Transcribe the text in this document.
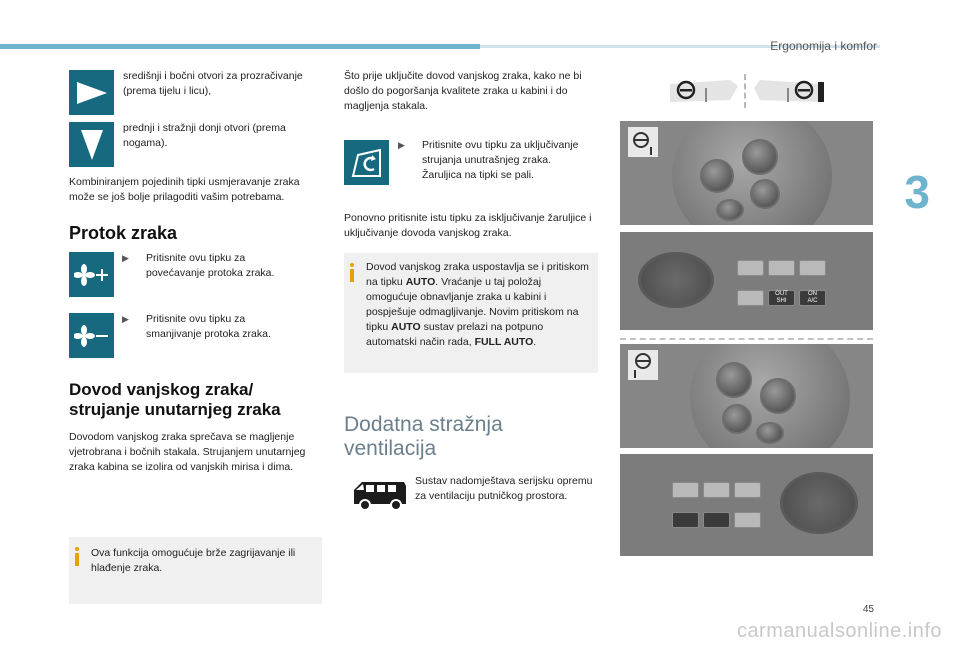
Ergonomija i komfor
3
središnji i bočni otvori za prozračivanje (prema tijelu i licu),
prednji i stražnji donji otvori (prema nogama).
Kombiniranjem pojedinih tipki usmjeravanje zraka može se još bolje prilagoditi vašim potrebama.
Protok zraka
▶ Pritisnite ovu tipku za povećavanje protoka zraka.
▶ Pritisnite ovu tipku za smanjivanje protoka zraka.
Dovod vanjskog zraka/
strujanje unutarnjeg zraka
Dovodom vanjskog zraka sprečava se magljenje vjetrobrana i bočnih stakala. Strujanjem unutarnjeg zraka kabina se izolira od vanjskih mirisa i dima.
Ova funkcija omogućuje brže zagrijavanje ili hlađenje zraka.
Što prije uključite dovod vanjskog zraka, kako ne bi došlo do pogoršanja kvalitete zraka u kabini i do magljenja stakala.
▶ Pritisnite ovu tipku za uključivanje strujanja unutrašnjeg zraka. Žaruljica na tipki se pali.
Ponovno pritisnite istu tipku za isključivanje žaruljice i uključivanje dovoda vanjskog zraka.
Dovod vanjskog zraka uspostavlja se i pritiskom na tipku AUTO. Vraćanje u taj položaj omogućuje obnavljanje zraka u kabini i pospješuje odmagljivanje. Novim pritiskom na tipku AUTO sustav prelazi na potpuno automatski način rada, FULL AUTO.
Dodatna stražnja
ventilacija
Sustav nadomještava serijsku opremu za ventilaciju putničkog prostora.
OUT
SHI
ON
A/C
45
carmanualsonline.info
